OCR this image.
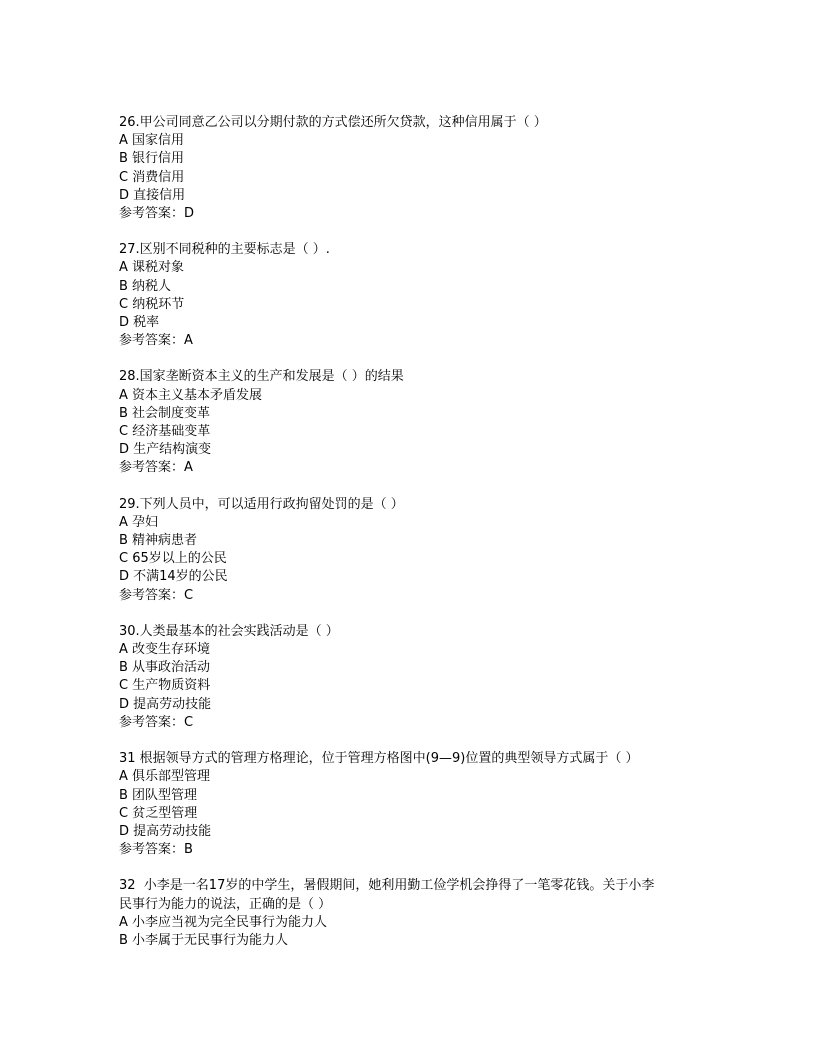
26.甲公司同意乙公司以分期付款的方式偿还所欠贷款，这种信用属于（ ）
A 国家信用
B 银行信用
C 消费信用
D 直接信用
参考答案：D
27.区别不同税种的主要标志是（ ）.
A 课税对象
B 纳税人
C 纳税环节
D 税率
参考答案：A
28.国家垄断资本主义的生产和发展是（ ）的结果
A 资本主义基本矛盾发展
B 社会制度变革
C 经济基础变革
D 生产结构演变
参考答案：A
29.下列人员中，可以适用行政拘留处罚的是（ ）
A 孕妇
B 精神病患者
C 65岁以上的公民
D 不满14岁的公民
参考答案：C
30.人类最基本的社会实践活动是（ ）
A 改变生存环境
B 从事政治活动
C 生产物质资料
D 提高劳动技能
参考答案：C
31 根据领导方式的管理方格理论，位于管理方格图中(9—9)位置的典型领导方式属于（ ）
A 俱乐部型管理
B 团队型管理
C 贫乏型管理
D 提高劳动技能
参考答案：B
32  小李是一名17岁的中学生，暑假期间，她利用勤工俭学机会挣得了一笔零花钱。关于小李
民事行为能力的说法，正确的是（ ）
A 小李应当视为完全民事行为能力人
B 小李属于无民事行为能力人
